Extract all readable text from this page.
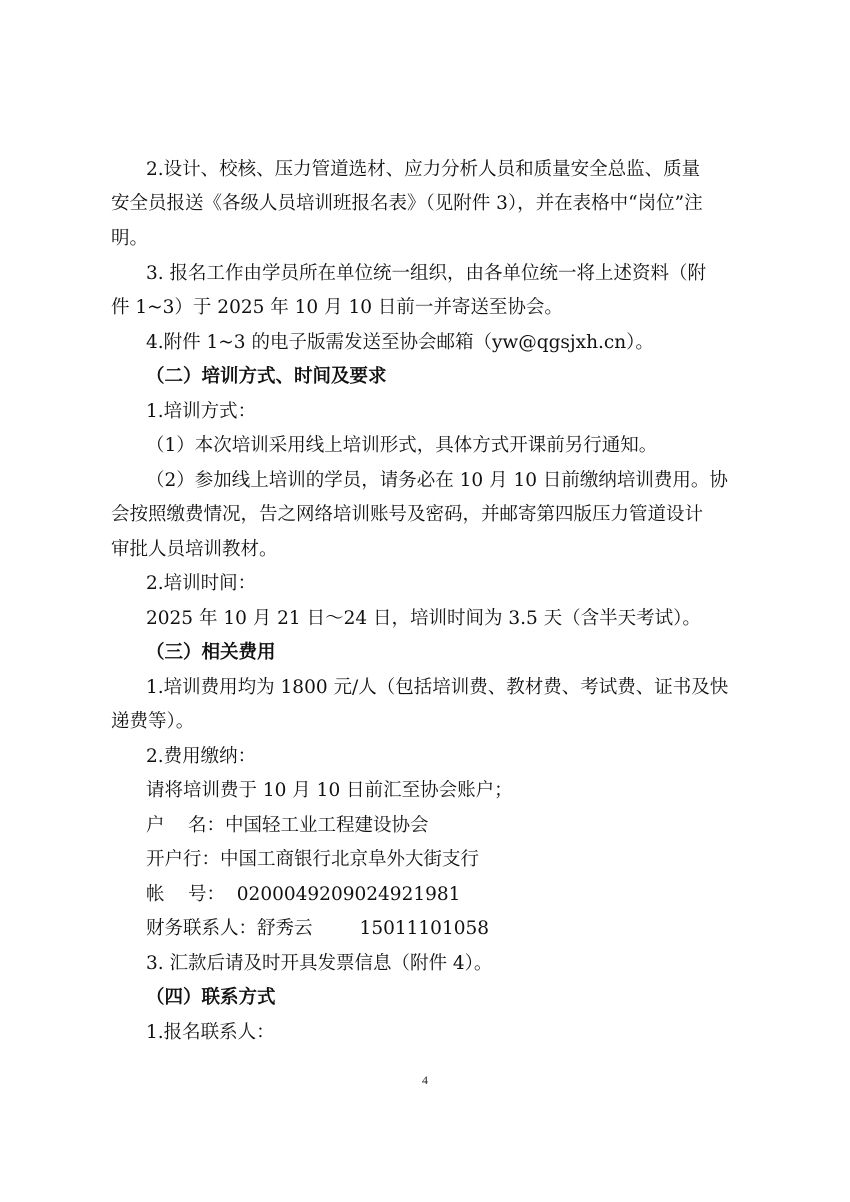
2.设计、校核、压力管道选材、应力分析人员和质量安全总监、质量
安全员报送《各级人员培训班报名表》（见附件 3），并在表格中“岗位”注
明。
3. 报名工作由学员所在单位统一组织，由各单位统一将上述资料（附
件 1~3）于 2025 年 10 月 10 日前一并寄送至协会。
4.附件 1~3 的电子版需发送至协会邮箱（yw@qgsjxh.cn）。
（二）培训方式、时间及要求
1.培训方式：
（1）本次培训采用线上培训形式，具体方式开课前另行通知。
（2）参加线上培训的学员，请务必在 10 月 10 日前缴纳培训费用。协
会按照缴费情况，告之网络培训账号及密码，并邮寄第四版压力管道设计
审批人员培训教材。
2.培训时间：
2025 年 10 月 21 日～24 日，培训时间为 3.5 天（含半天考试）。
（三）相关费用
1.培训费用均为 1800 元/人（包括培训费、教材费、考试费、证书及快
递费等）。
2.费用缴纳：
请将培训费于 10 月 10 日前汇至协会账户；
户    名：中国轻工业工程建设协会
开户行：中国工商银行北京阜外大街支行
帐    号：  0200049209024921981
财务联系人：舒秀云        15011101058
3. 汇款后请及时开具发票信息（附件 4）。
（四）联系方式
1.报名联系人：
4
